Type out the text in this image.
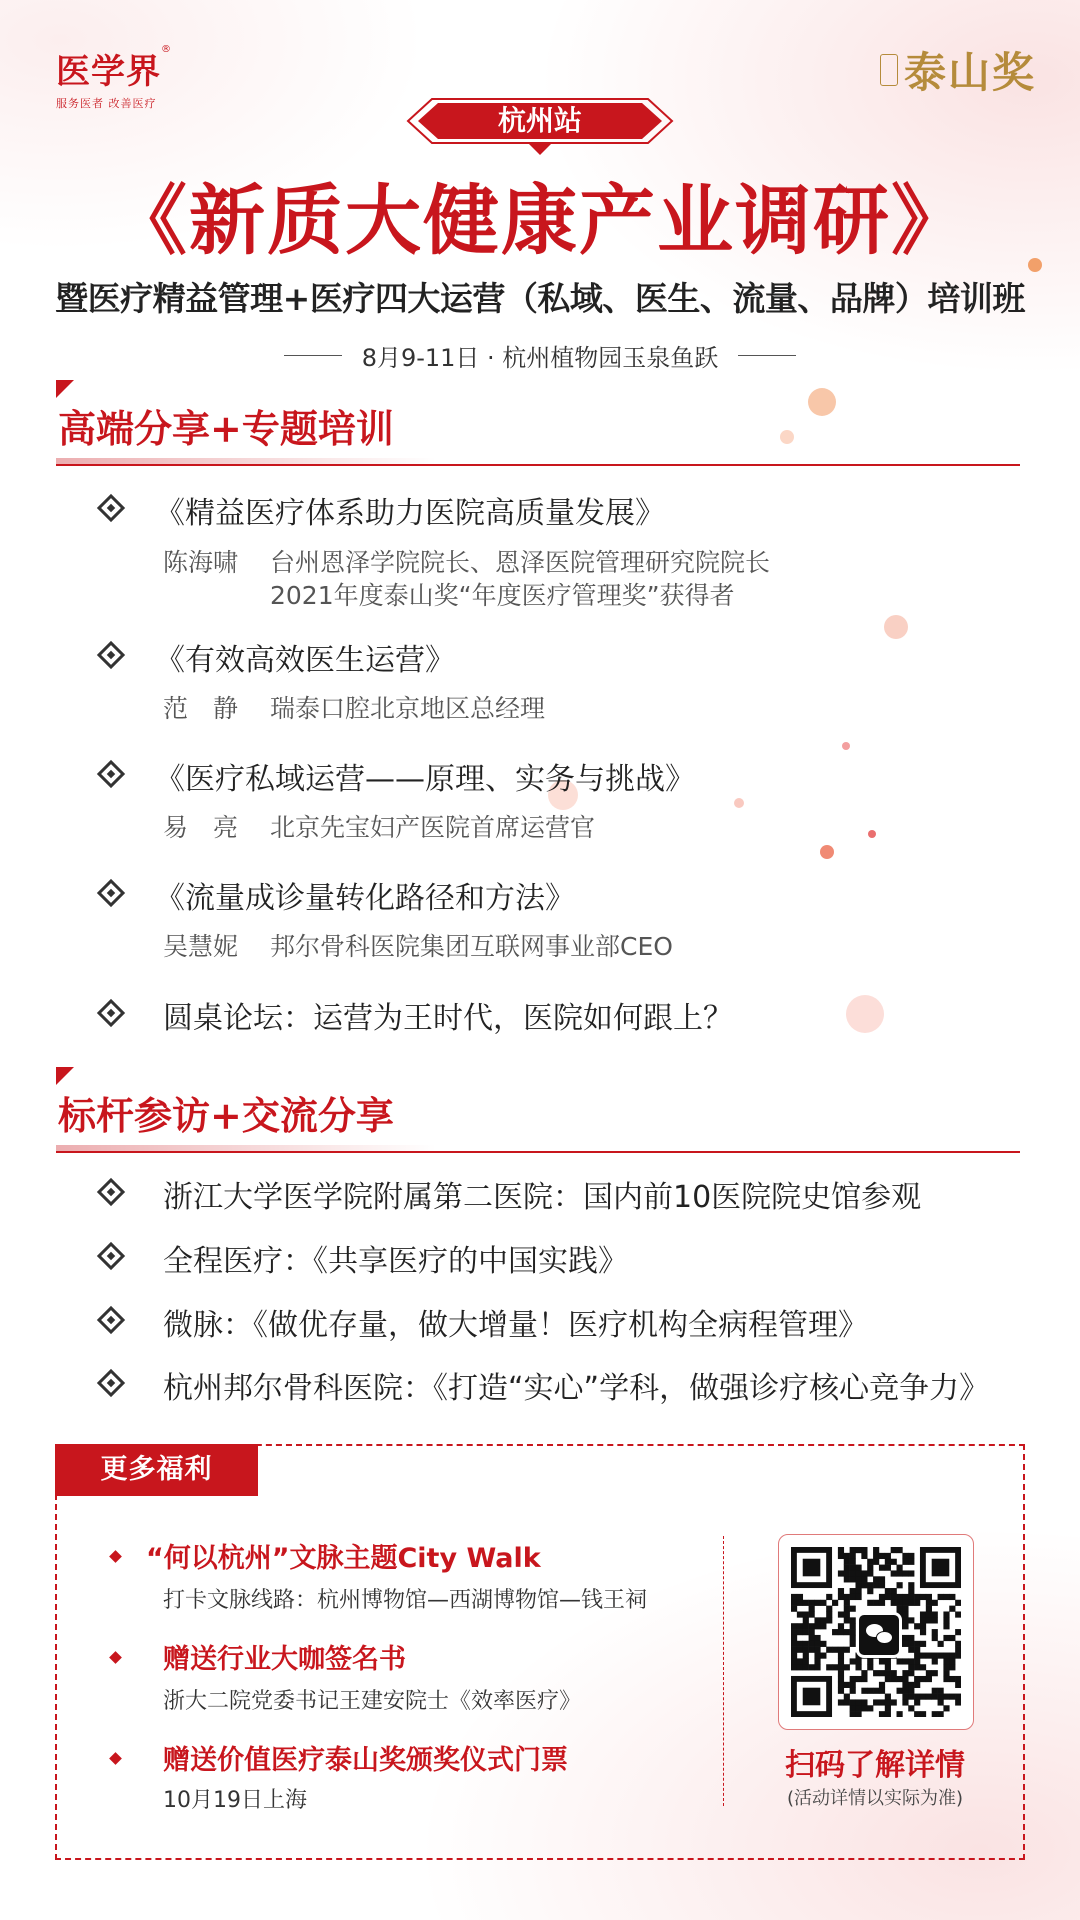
医学界®
服务医者 改善医疗
泰山奖
杭州站
《新质大健康产业调研》
暨医疗精益管理+医疗四大运营（私域、医生、流量、品牌）培训班
8月9-11日 · 杭州植物园玉泉鱼跃
高端分享+专题培训
《精益医疗体系助力医院高质量发展》
陈海啸 台州恩泽学院院长、恩泽医院管理研究院院长
2021年度泰山奖“年度医疗管理奖”获得者
《有效高效医生运营》
范　静 瑞泰口腔北京地区总经理
《医疗私域运营——原理、实务与挑战》
易　亮 北京先宝妇产医院首席运营官
《流量成诊量转化路径和方法》
吴慧妮 邦尔骨科医院集团互联网事业部CEO
圆桌论坛：运营为王时代，医院如何跟上？
标杆参访+交流分享
浙江大学医学院附属第二医院：国内前10医院院史馆参观
全程医疗：《共享医疗的中国实践》
微脉：《做优存量，做大增量！医疗机构全病程管理》
杭州邦尔骨科医院：《打造“实心”学科，做强诊疗核心竞争力》
更多福利
“何以杭州”文脉主题City Walk
打卡文脉线路：杭州博物馆—西湖博物馆—钱王祠
赠送行业大咖签名书
浙大二院党委书记王建安院士《效率医疗》
赠送价值医疗泰山奖颁奖仪式门票
10月19日上海
扫码了解详情
(活动详情以实际为准)
